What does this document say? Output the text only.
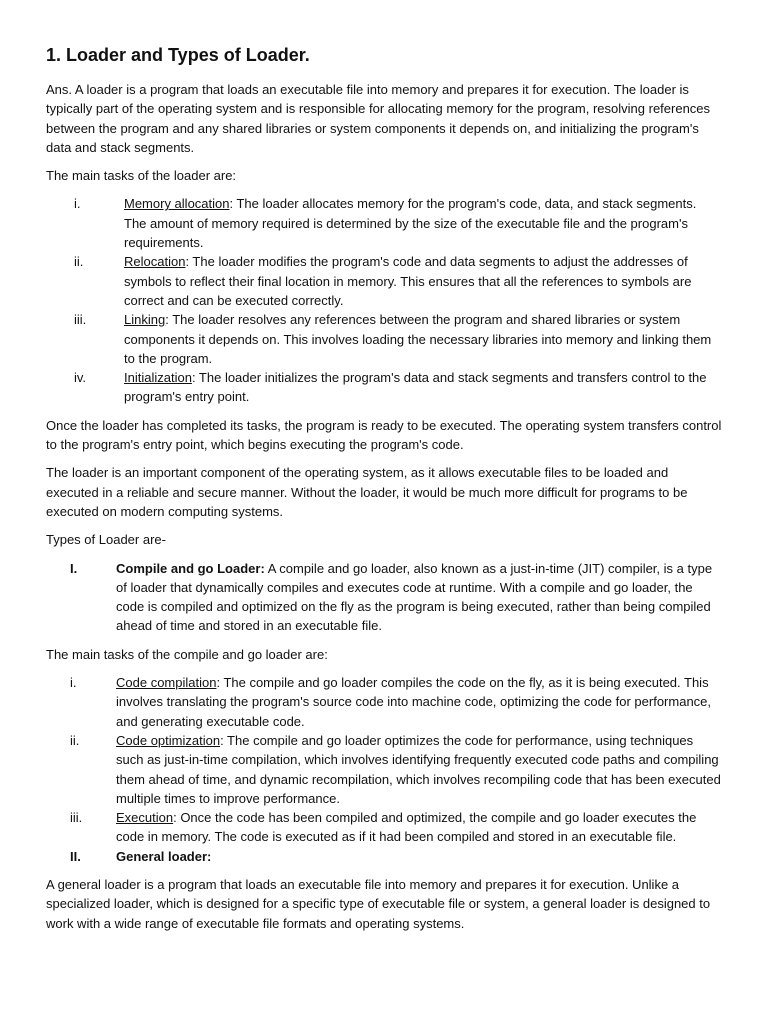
1. Loader and Types of Loader.

Ans. A loader is a program that loads an executable file into memory and prepares it for execution. The loader is typically part of the operating system and is responsible for allocating memory for the program, resolving references between the program and any shared libraries or system components it depends on, and initializing the program's data and stack segments.

The main tasks of the loader are:

i.	Memory allocation: The loader allocates memory for the program's code, data, and stack segments. The amount of memory required is determined by the size of the executable file and the program's requirements.
ii.	Relocation: The loader modifies the program's code and data segments to adjust the addresses of symbols to reflect their final location in memory. This ensures that all the references to symbols are correct and can be executed correctly.
iii.	Linking: The loader resolves any references between the program and shared libraries or system components it depends on. This involves loading the necessary libraries into memory and linking them to the program.
iv.	Initialization: The loader initializes the program's data and stack segments and transfers control to the program's entry point.

Once the loader has completed its tasks, the program is ready to be executed. The operating system transfers control to the program's entry point, which begins executing the program's code.

The loader is an important component of the operating system, as it allows executable files to be loaded and executed in a reliable and secure manner. Without the loader, it would be much more difficult for programs to be executed on modern computing systems.

Types of Loader are-

I.	Compile and go Loader: A compile and go loader, also known as a just-in-time (JIT) compiler, is a type of loader that dynamically compiles and executes code at runtime. With a compile and go loader, the code is compiled and optimized on the fly as the program is being executed, rather than being compiled ahead of time and stored in an executable file.

The main tasks of the compile and go loader are:

i.	Code compilation: The compile and go loader compiles the code on the fly, as it is being executed. This involves translating the program's source code into machine code, optimizing the code for performance, and generating executable code.
ii.	Code optimization: The compile and go loader optimizes the code for performance, using techniques such as just-in-time compilation, which involves identifying frequently executed code paths and compiling them ahead of time, and dynamic recompilation, which involves recompiling code that has been executed multiple times to improve performance.
iii.	Execution: Once the code has been compiled and optimized, the compile and go loader executes the code in memory. The code is executed as if it had been compiled and stored in an executable file.
II.	General loader:

A general loader is a program that loads an executable file into memory and prepares it for execution. Unlike a specialized loader, which is designed for a specific type of executable file or system, a general loader is designed to work with a wide range of executable file formats and operating systems.
